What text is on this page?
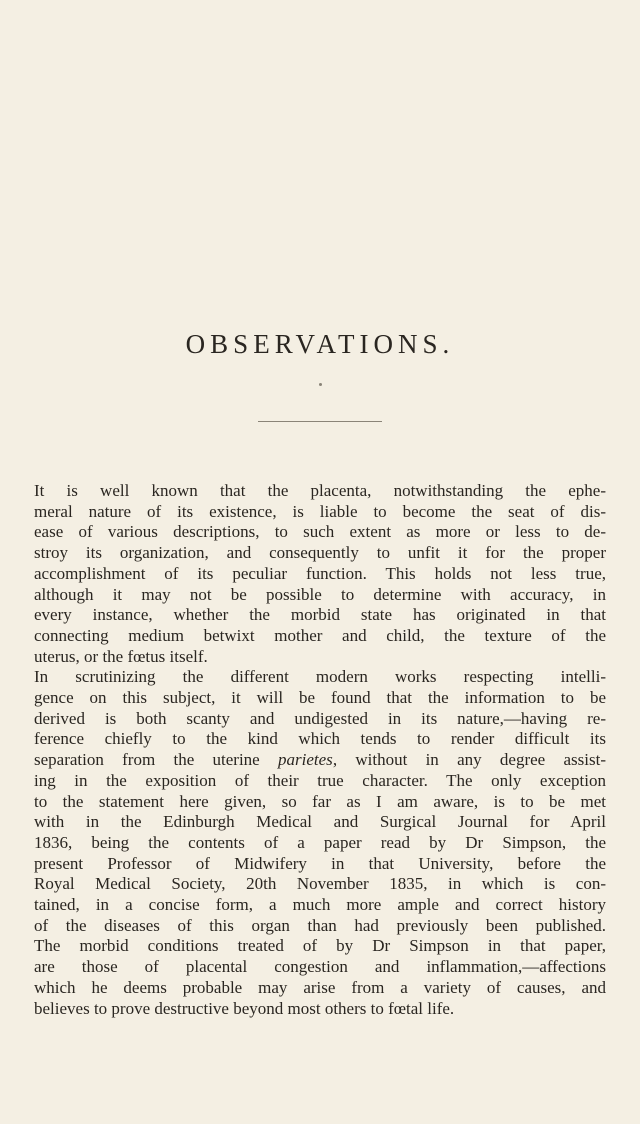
OBSERVATIONS.

It is well known that the placenta, notwithstanding the ephe-
meral nature of its existence, is liable to become the seat of dis-
ease of various descriptions, to such extent as more or less to de-
stroy its organization, and consequently to unfit it for the proper
accomplishment of its peculiar function. This holds not less true,
although it may not be possible to determine with accuracy, in
every instance, whether the morbid state has originated in that
connecting medium betwixt mother and child, the texture of the
uterus, or the fœtus itself.

In scrutinizing the different modern works respecting intelli-
gence on this subject, it will be found that the information to be
derived is both scanty and undigested in its nature,—having re-
ference chiefly to the kind which tends to render difficult its
separation from the uterine parietes, without in any degree assist-
ing in the exposition of their true character. The only exception
to the statement here given, so far as I am aware, is to be met
with in the Edinburgh Medical and Surgical Journal for April
1836, being the contents of a paper read by Dr Simpson, the
present Professor of Midwifery in that University, before the
Royal Medical Society, 20th November 1835, in which is con-
tained, in a concise form, a much more ample and correct history
of the diseases of this organ than had previously been published.
The morbid conditions treated of by Dr Simpson in that paper,
are those of placental congestion and inflammation,—affections
which he deems probable may arise from a variety of causes, and
believes to prove destructive beyond most others to fœtal life.
